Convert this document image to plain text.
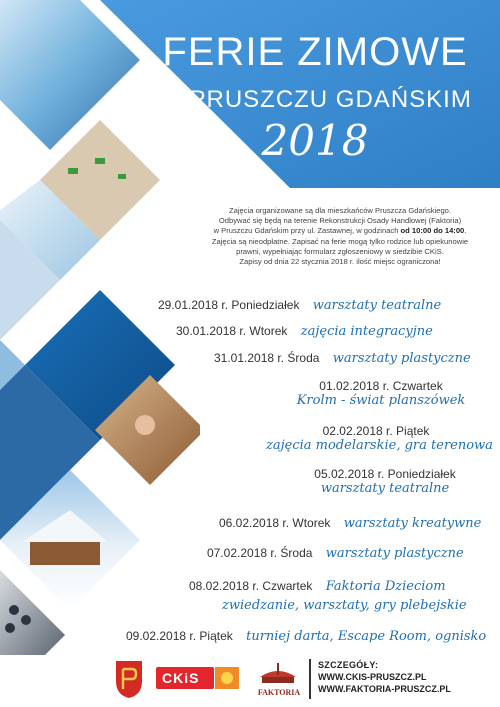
FERIE ZIMOWE
W PRUSZCZU GDAŃSKIM
2018
Zajęcia organizowane są dla mieszkańców Pruszcza Gdańskiego.
Odbywać się będą na terenie Rekonstrukcji Osady Handlowej (Faktoria)
w Pruszczu Gdańskim przy ul. Zastawnej, w godzinach od 10:00 do 14:00.
Zajęcia są nieodpłatne. Zapisać na ferie mogą tylko rodzice lub opiekunowie
prawni, wypełniając formularz zgłoszeniowy w siedzibie CKiS.
Zapisy od dnia 22 stycznia 2018 r. ilość miejsc ograniczona!
29.01.2018 r. Poniedziałek warsztaty teatralne
30.01.2018 r. Wtorek zajęcia integracyjne
31.01.2018 r. Środa warsztaty plastyczne
01.02.2018 r. Czwartek
Krolm - świat planszówek
02.02.2018 r. Piątek
zajęcia modelarskie, gra terenowa
05.02.2018 r. Poniedziałek
warsztaty teatralne
06.02.2018 r. Wtorek warsztaty kreatywne
07.02.2018 r. Środa warsztaty plastyczne
08.02.2018 r. Czwartek Faktoria Dzieciom
zwiedzanie, warsztaty, gry plebejskie
09.02.2018 r. Piątek turniej darta, Escape Room, ognisko
CKiS
FAKTORIA
SZCZEGÓŁY:
WWW.CKIS-PRUSZCZ.PL
WWW.FAKTORIA-PRUSZCZ.PL
